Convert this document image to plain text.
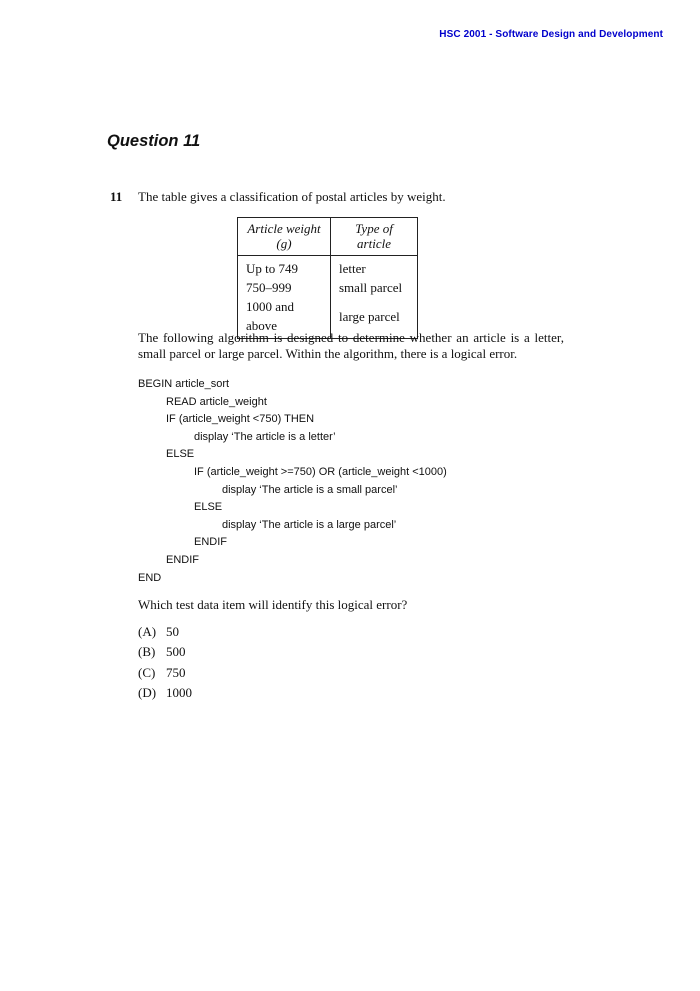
HSC 2001 - Software Design and Development
Question 11
11	The table gives a classification of postal articles by weight.
Article weight
(g)	Type of article
Up to 749	letter
750–999	small parcel
1000 and above	large parcel

The following algorithm is designed to determine whether an article is a letter, small parcel or large parcel. Within the algorithm, there is a logical error.

BEGIN article_sort
READ article_weight
IF (article_weight <750) THEN
display ‘The article is a letter’
ELSE
IF (article_weight >=750) OR (article_weight <1000)
display ‘The article is a small parcel’
ELSE
display ‘The article is a large parcel’
ENDIF
ENDIF
END

Which test data item will identify this logical error?

(A) 50
(B) 500
(C) 750
(D) 1000
